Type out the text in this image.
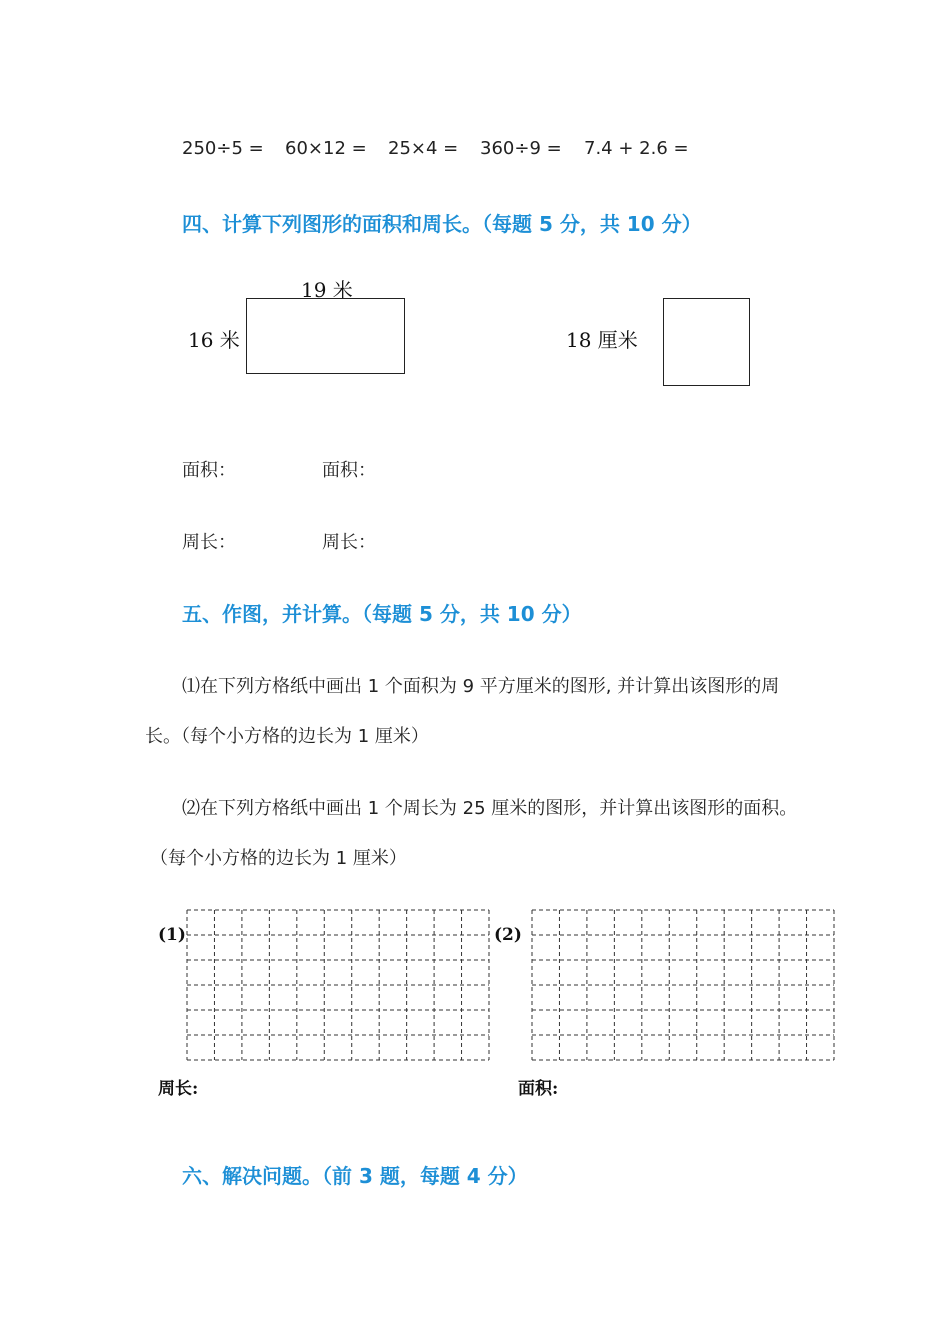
250÷5 = 60×12 = 25×4 = 360÷9 = 7.4 + 2.6 =
四、计算下列图形的面积和周长。（每题 5 分，共 10 分）
19 米
16 米	18 厘米
面积：	面积：
周长：	周长：
五、作图，并计算。（每题 5 分，共 10 分）
⑴在下列方格纸中画出 1 个面积为 9 平方厘米的图形, 并计算出该图形的周
长。（每个小方格的边长为 1 厘米）
⑵在下列方格纸中画出 1 个周长为 25 厘米的图形，并计算出该图形的面积。
（每个小方格的边长为 1 厘米）
(1)	(2)
周长:	面积:
六、解决问题。（前 3 题，每题 4 分）
